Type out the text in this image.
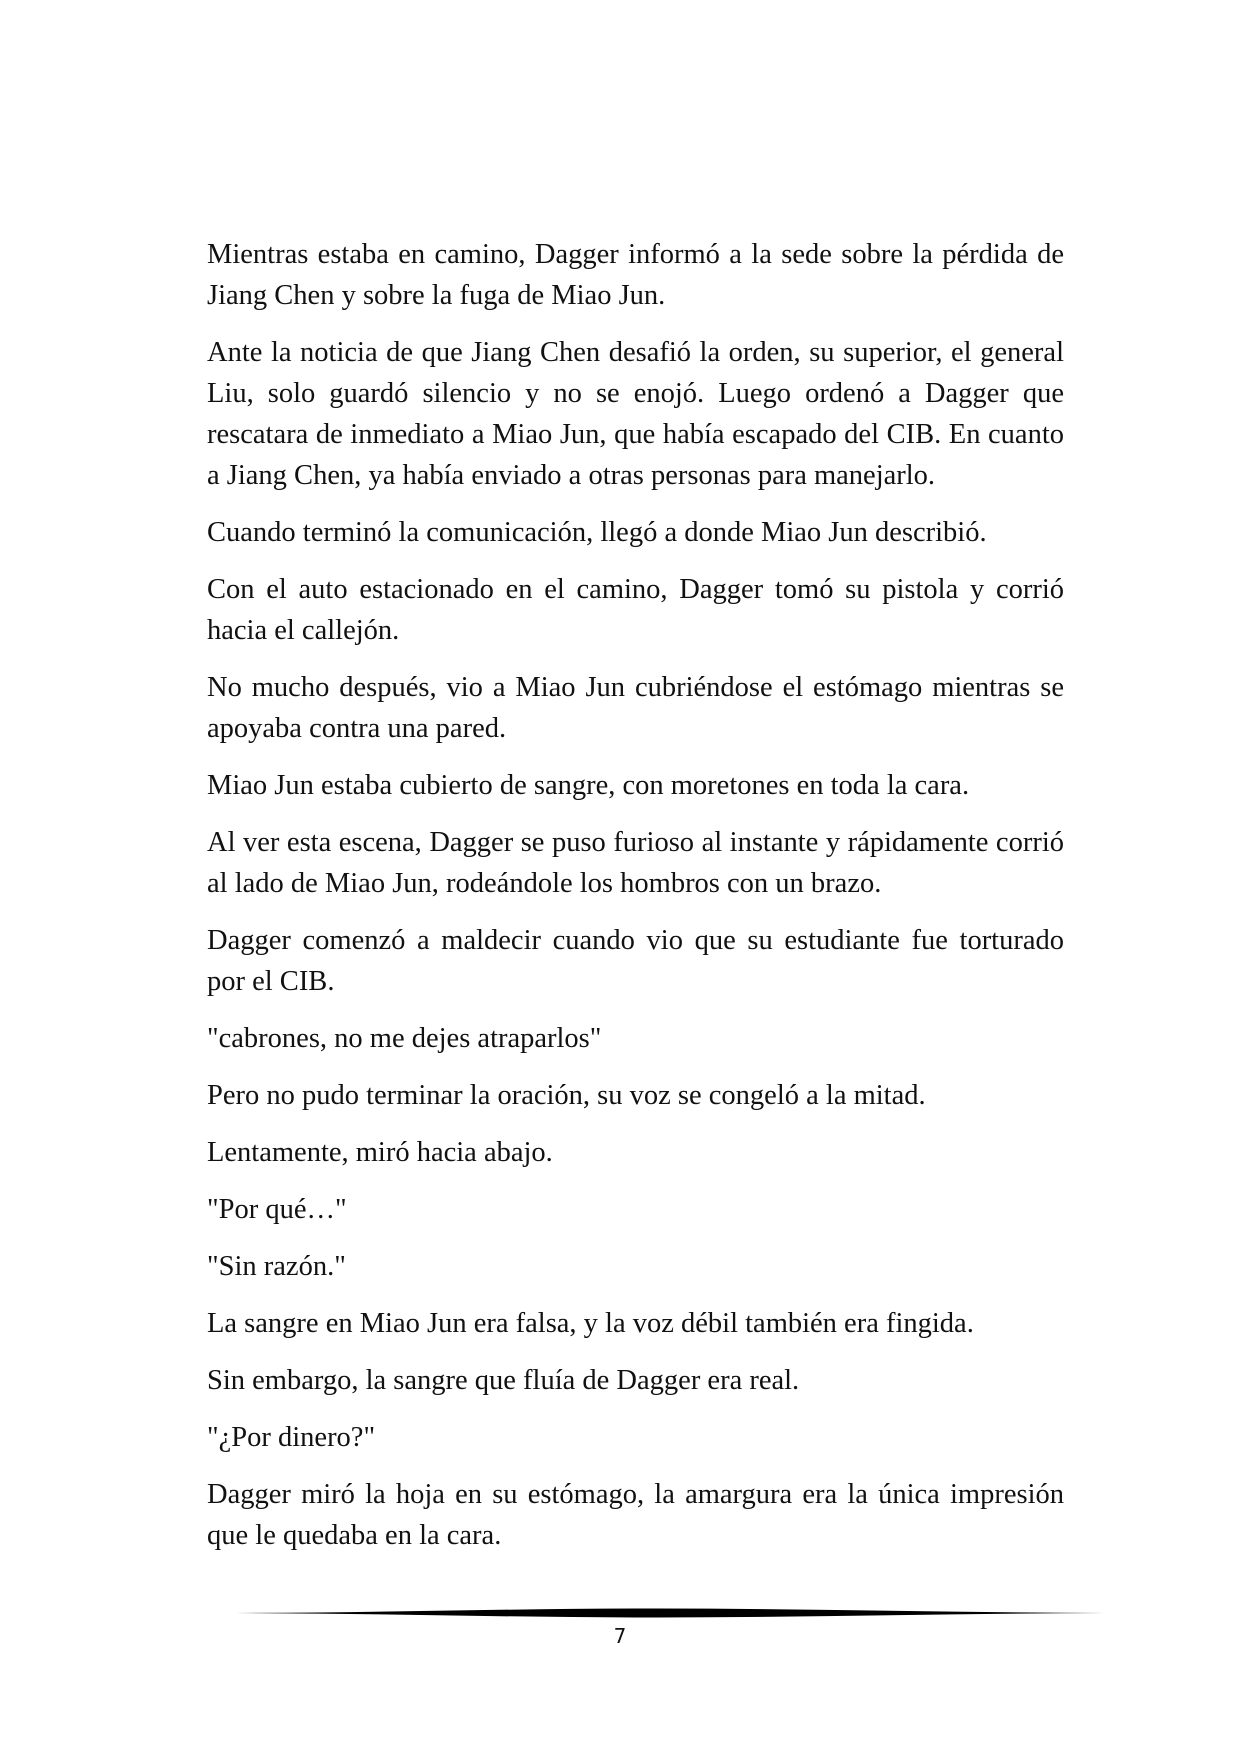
Mientras estaba en camino, Dagger informó a la sede sobre la pérdida de Jiang Chen y sobre la fuga de Miao Jun.

Ante la noticia de que Jiang Chen desafió la orden, su superior, el general Liu, solo guardó silencio y no se enojó. Luego ordenó a Dagger que rescatara de inmediato a Miao Jun, que había escapado del CIB. En cuanto a Jiang Chen, ya había enviado a otras personas para manejarlo.

Cuando terminó la comunicación, llegó a donde Miao Jun describió.

Con el auto estacionado en el camino, Dagger tomó su pistola y corrió hacia el callejón.

No mucho después, vio a Miao Jun cubriéndose el estómago mientras se apoyaba contra una pared.

Miao Jun estaba cubierto de sangre, con moretones en toda la cara.

Al ver esta escena, Dagger se puso furioso al instante y rápidamente corrió al lado de Miao Jun, rodeándole los hombros con un brazo.

Dagger comenzó a maldecir cuando vio que su estudiante fue torturado por el CIB.

"cabrones, no me dejes atraparlos"

Pero no pudo terminar la oración, su voz se congeló a la mitad.

Lentamente, miró hacia abajo.

"Por qué…"

"Sin razón."

La sangre en Miao Jun era falsa, y la voz débil también era fingida.

Sin embargo, la sangre que fluía de Dagger era real.

"¿Por dinero?"

Dagger miró la hoja en su estómago, la amargura era la única impresión que le quedaba en la cara.

7
